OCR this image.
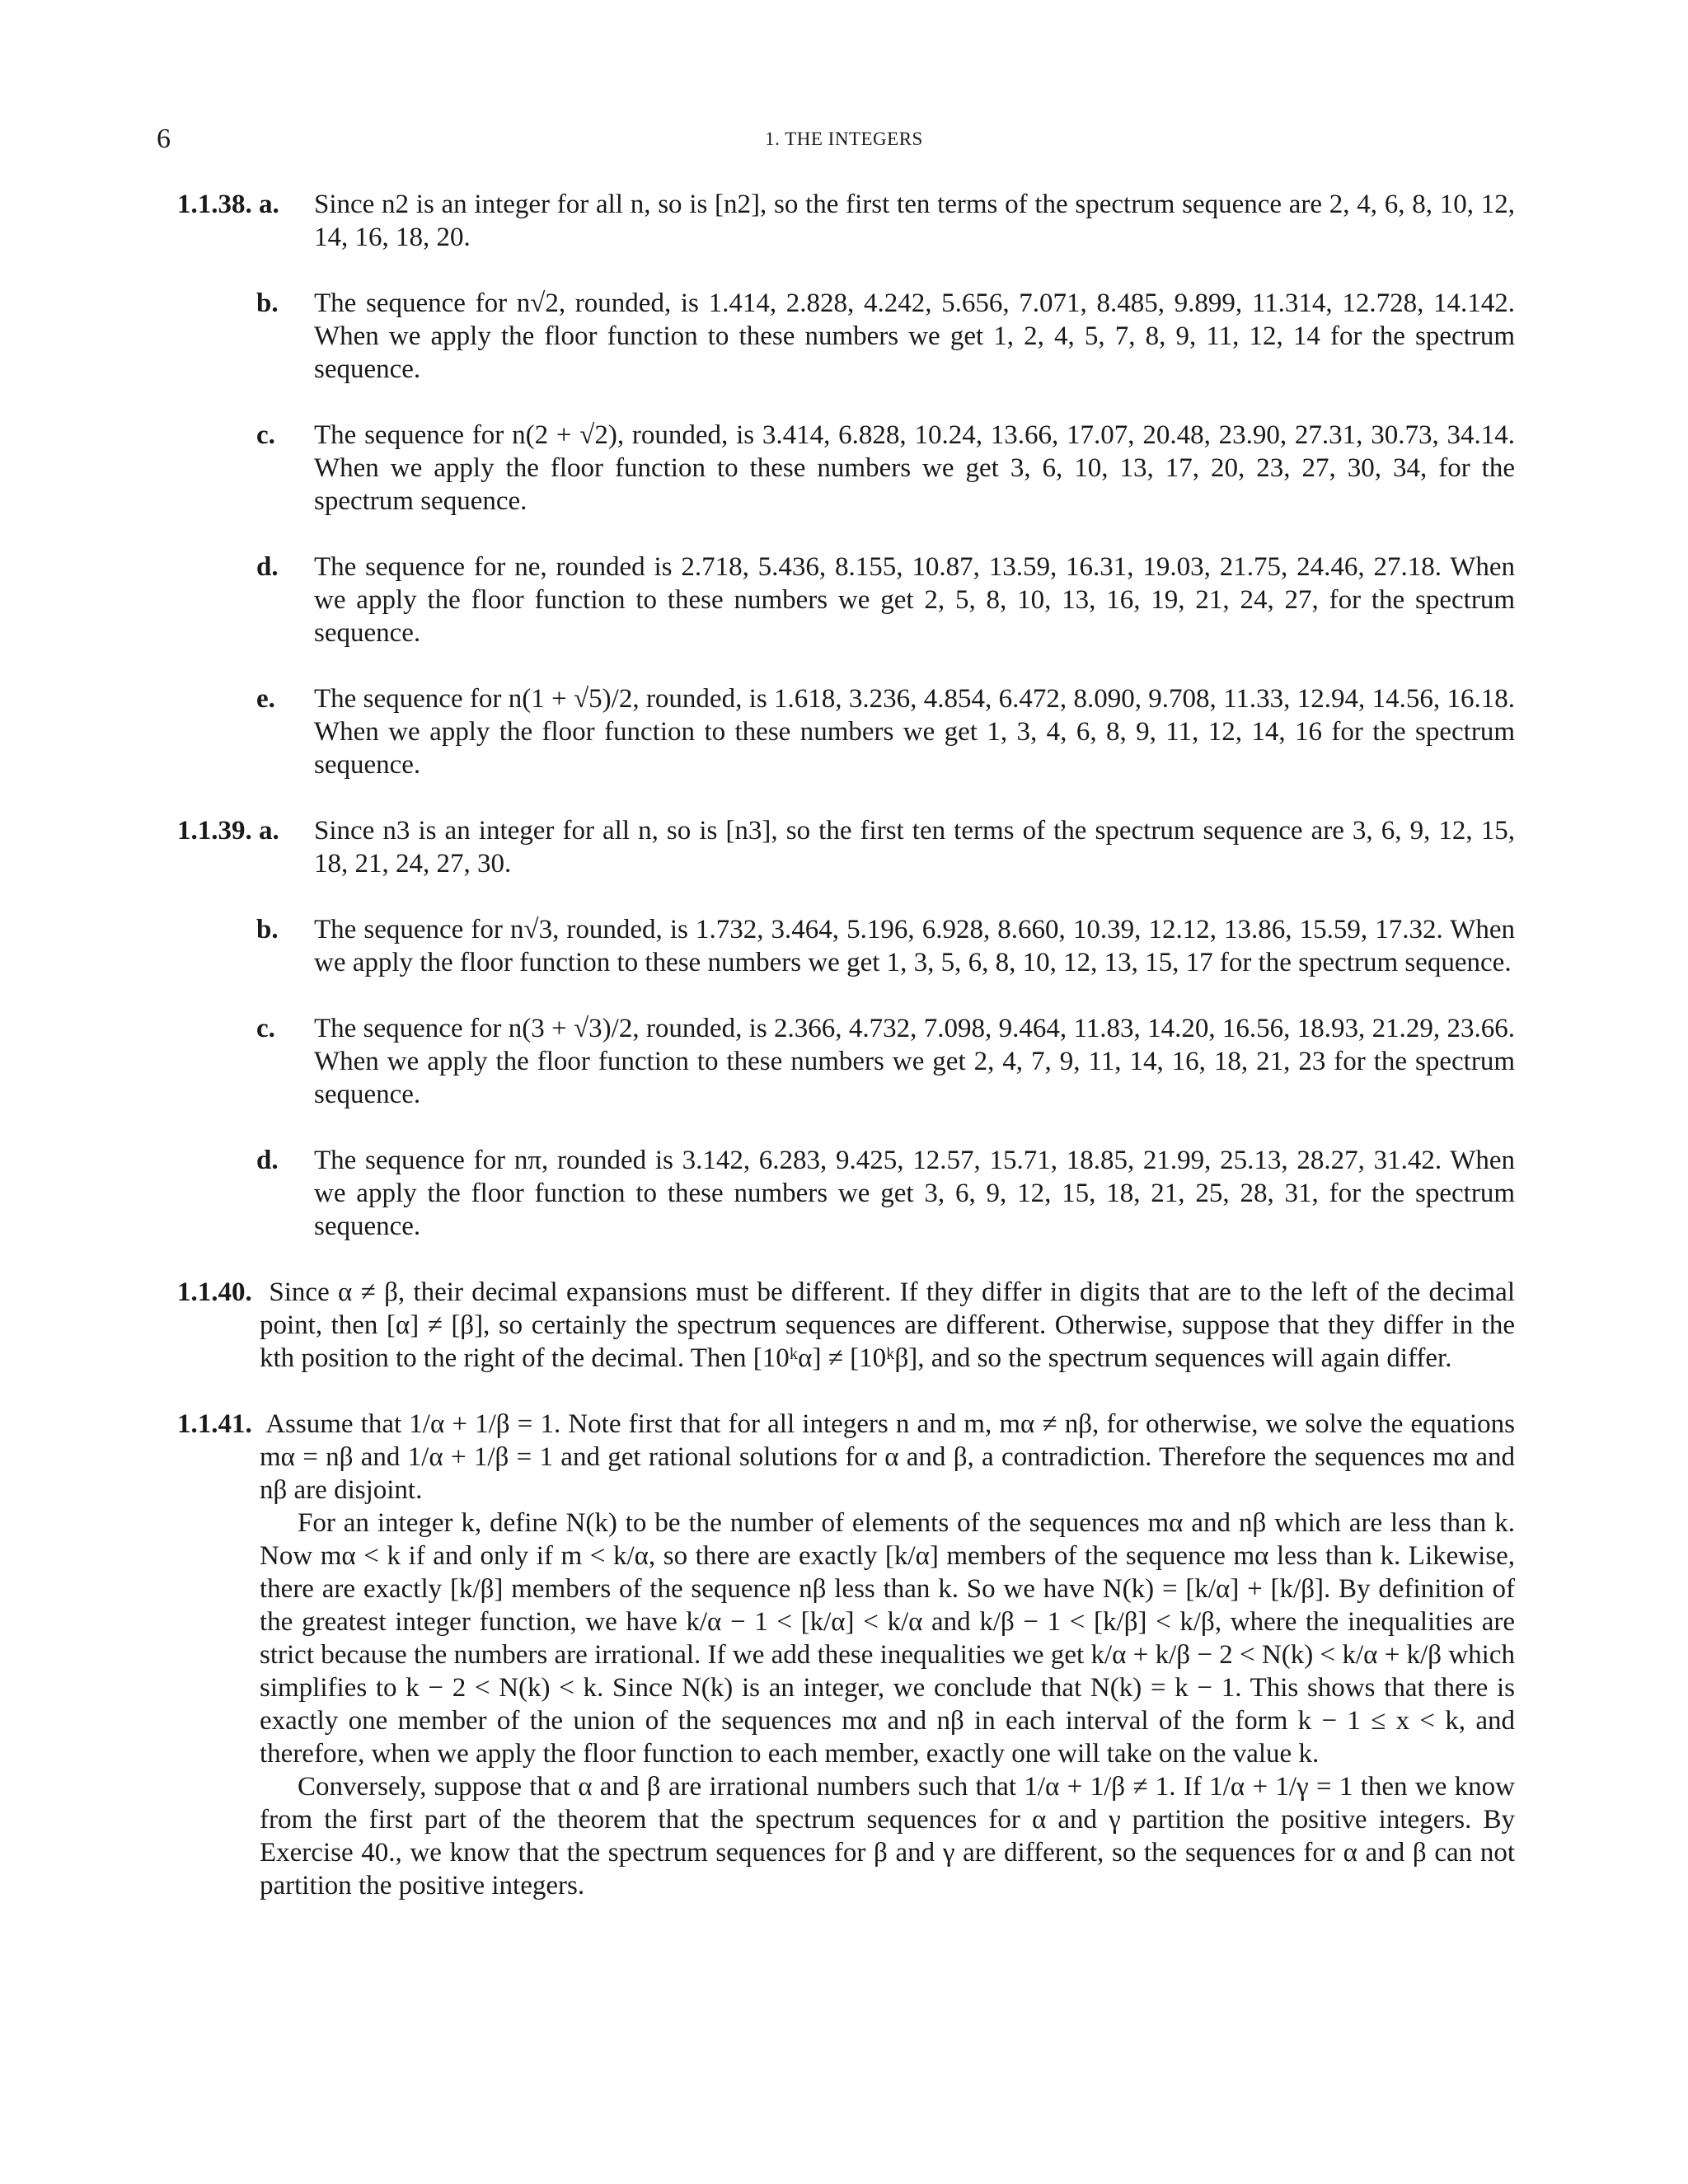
6	1. THE INTEGERS
1.1.38. a. Since n2 is an integer for all n, so is [n2], so the first ten terms of the spectrum sequence are 2, 4, 6, 8, 10, 12, 14, 16, 18, 20.
b. The sequence for n√2, rounded, is 1.414, 2.828, 4.242, 5.656, 7.071, 8.485, 9.899, 11.314, 12.728, 14.142. When we apply the floor function to these numbers we get 1, 2, 4, 5, 7, 8, 9, 11, 12, 14 for the spectrum sequence.
c. The sequence for n(2 + √2), rounded, is 3.414, 6.828, 10.24, 13.66, 17.07, 20.48, 23.90, 27.31, 30.73, 34.14. When we apply the floor function to these numbers we get 3, 6, 10, 13, 17, 20, 23, 27, 30, 34, for the spectrum sequence.
d. The sequence for ne, rounded is 2.718, 5.436, 8.155, 10.87, 13.59, 16.31, 19.03, 21.75, 24.46, 27.18. When we apply the floor function to these numbers we get 2, 5, 8, 10, 13, 16, 19, 21, 24, 27, for the spectrum sequence.
e. The sequence for n(1 + √5)/2, rounded, is 1.618, 3.236, 4.854, 6.472, 8.090, 9.708, 11.33, 12.94, 14.56, 16.18. When we apply the floor function to these numbers we get 1, 3, 4, 6, 8, 9, 11, 12, 14, 16 for the spectrum sequence.
1.1.39. a. Since n3 is an integer for all n, so is [n3], so the first ten terms of the spectrum sequence are 3, 6, 9, 12, 15, 18, 21, 24, 27, 30.
b. The sequence for n√3, rounded, is 1.732, 3.464, 5.196, 6.928, 8.660, 10.39, 12.12, 13.86, 15.59, 17.32. When we apply the floor function to these numbers we get 1, 3, 5, 6, 8, 10, 12, 13, 15, 17 for the spectrum sequence.
c. The sequence for n(3 + √3)/2, rounded, is 2.366, 4.732, 7.098, 9.464, 11.83, 14.20, 16.56, 18.93, 21.29, 23.66. When we apply the floor function to these numbers we get 2, 4, 7, 9, 11, 14, 16, 18, 21, 23 for the spectrum sequence.
d. The sequence for nπ, rounded is 3.142, 6.283, 9.425, 12.57, 15.71, 18.85, 21.99, 25.13, 28.27, 31.42. When we apply the floor function to these numbers we get 3, 6, 9, 12, 15, 18, 21, 25, 28, 31, for the spectrum sequence.
1.1.40. Since α ≠ β, their decimal expansions must be different. If they differ in digits that are to the left of the decimal point, then [α] ≠ [β], so certainly the spectrum sequences are different. Otherwise, suppose that they differ in the kth position to the right of the decimal. Then [10ᵏα] ≠ [10ᵏβ], and so the spectrum sequences will again differ.
1.1.41. Assume that 1/α + 1/β = 1. Note first that for all integers n and m, mα ≠ nβ, for otherwise, we solve the equations mα = nβ and 1/α + 1/β = 1 and get rational solutions for α and β, a contradiction. Therefore the sequences mα and nβ are disjoint.
For an integer k, define N(k) to be the number of elements of the sequences mα and nβ which are less than k. Now mα < k if and only if m < k/α, so there are exactly [k/α] members of the sequence mα less than k. Likewise, there are exactly [k/β] members of the sequence nβ less than k. So we have N(k) = [k/α] + [k/β]. By definition of the greatest integer function, we have k/α − 1 < [k/α] < k/α and k/β − 1 < [k/β] < k/β, where the inequalities are strict because the numbers are irrational. If we add these inequalities we get k/α + k/β − 2 < N(k) < k/α + k/β which simplifies to k − 2 < N(k) < k. Since N(k) is an integer, we conclude that N(k) = k − 1. This shows that there is exactly one member of the union of the sequences mα and nβ in each interval of the form k − 1 ≤ x < k, and therefore, when we apply the floor function to each member, exactly one will take on the value k.
Conversely, suppose that α and β are irrational numbers such that 1/α + 1/β ≠ 1. If 1/α + 1/γ = 1 then we know from the first part of the theorem that the spectrum sequences for α and γ partition the positive integers. By Exercise 40., we know that the spectrum sequences for β and γ are different, so the sequences for α and β can not partition the positive integers.
